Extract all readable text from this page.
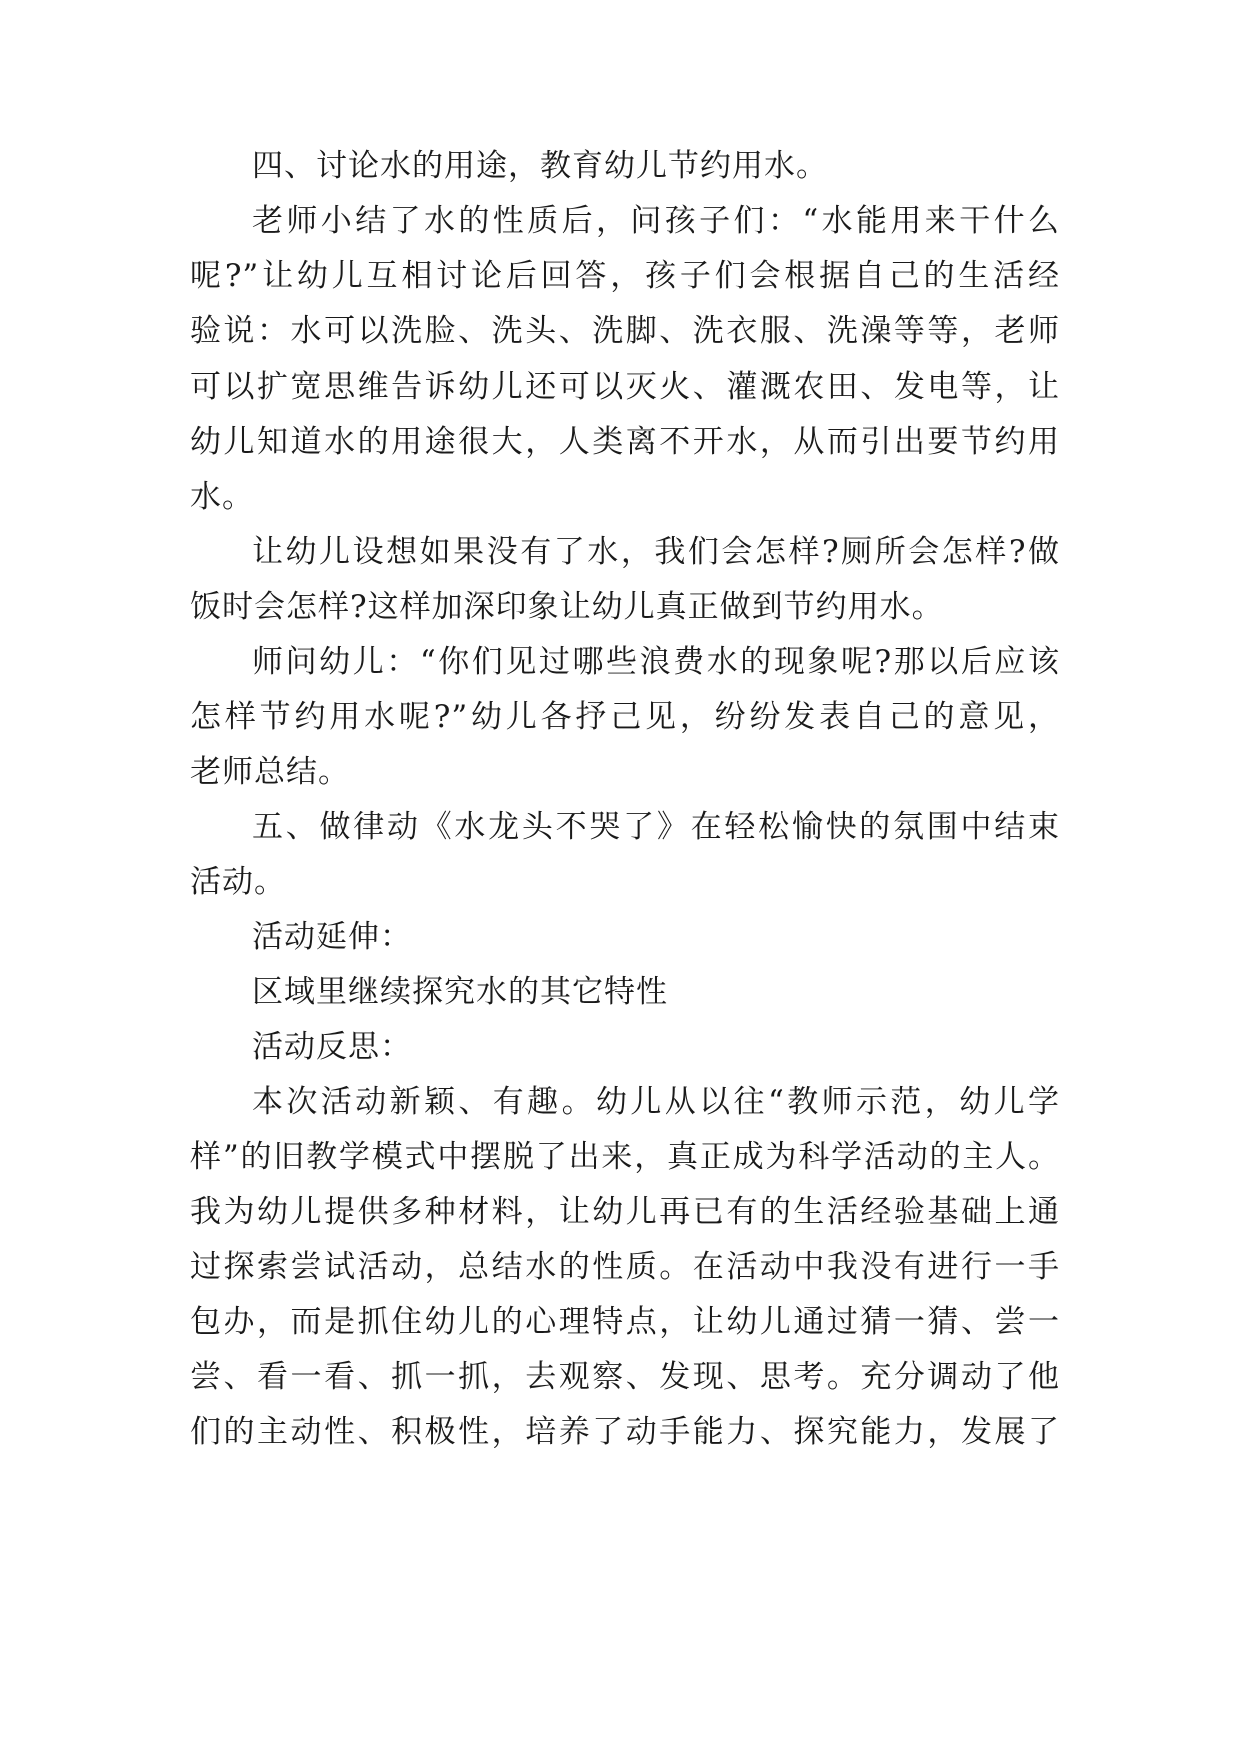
四、讨论水的用途，教育幼儿节约用水。
老师小结了水的性质后，问孩子们：“水能用来干什么
呢?”让幼儿互相讨论后回答，孩子们会根据自己的生活经
验说：水可以洗脸、洗头、洗脚、洗衣服、洗澡等等，老师
可以扩宽思维告诉幼儿还可以灭火、灌溉农田、发电等，让
幼儿知道水的用途很大，人类离不开水，从而引出要节约用
水。
让幼儿设想如果没有了水，我们会怎样?厕所会怎样?做
饭时会怎样?这样加深印象让幼儿真正做到节约用水。
师问幼儿：“你们见过哪些浪费水的现象呢?那以后应该
怎样节约用水呢?”幼儿各抒己见，纷纷发表自己的意见，
老师总结。
五、做律动《水龙头不哭了》在轻松愉快的氛围中结束
活动。
活动延伸：
区域里继续探究水的其它特性
活动反思：
本次活动新颖、有趣。幼儿从以往“教师示范，幼儿学
样”的旧教学模式中摆脱了出来，真正成为科学活动的主人。
我为幼儿提供多种材料，让幼儿再已有的生活经验基础上通
过探索尝试活动，总结水的性质。在活动中我没有进行一手
包办，而是抓住幼儿的心理特点，让幼儿通过猜一猜、尝一
尝、看一看、抓一抓，去观察、发现、思考。充分调动了他
们的主动性、积极性，培养了动手能力、探究能力，发展了
